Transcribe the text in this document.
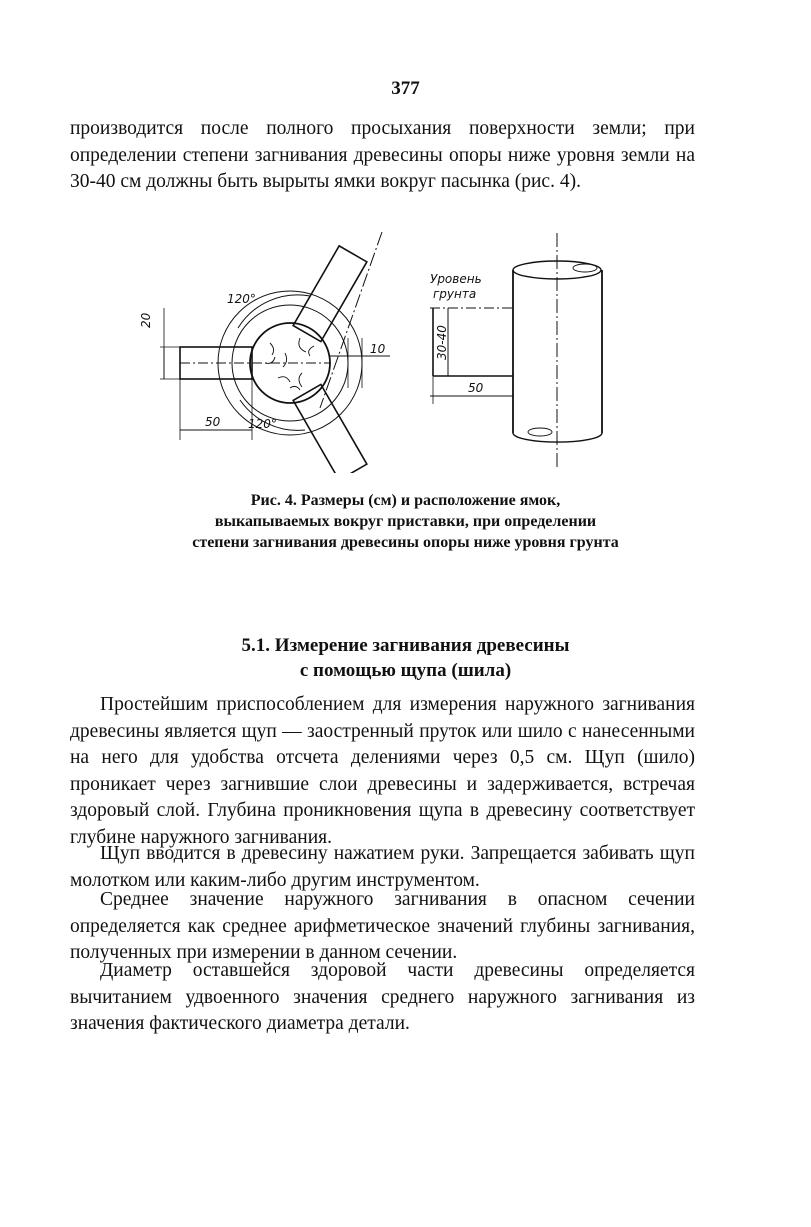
377

производится после полного просыхания поверхности земли; при определении степени загнивания древесины опоры ниже уровня земли на 30-40 см должны быть вырыты ямки вокруг пасынка (рис. 4).

20
120°
120°
10
50
Уровень
грунта
30-40
50
Рис. 4. Размеры (см) и расположение ямок,
выкапываемых вокруг приставки, при определении
степени загнивания древесины опоры ниже уровня грунта
5.1. Измерение загнивания древесины
с помощью щупа (шила)

Простейшим приспособлением для измерения наружного загнивания древесины является щуп — заостренный пруток или шило с нанесенными на него для удобства отсчета делениями через 0,5 см. Щуп (шило) проникает через загнившие слои древесины и задерживается, встречая здоровый слой. Глубина проникновения щупа в древесину соответствует глубине наружного загнивания.

Щуп вводится в древесину нажатием руки. Запрещается забивать щуп молотком или каким-либо другим инструментом.

Среднее значение наружного загнивания в опасном сечении определяется как среднее арифметическое значений глубины загнивания, полученных при измерении в данном сечении.

Диаметр оставшейся здоровой части древесины определяется вычитанием удвоенного значения среднего наружного загнивания из значения фактического диаметра детали.
